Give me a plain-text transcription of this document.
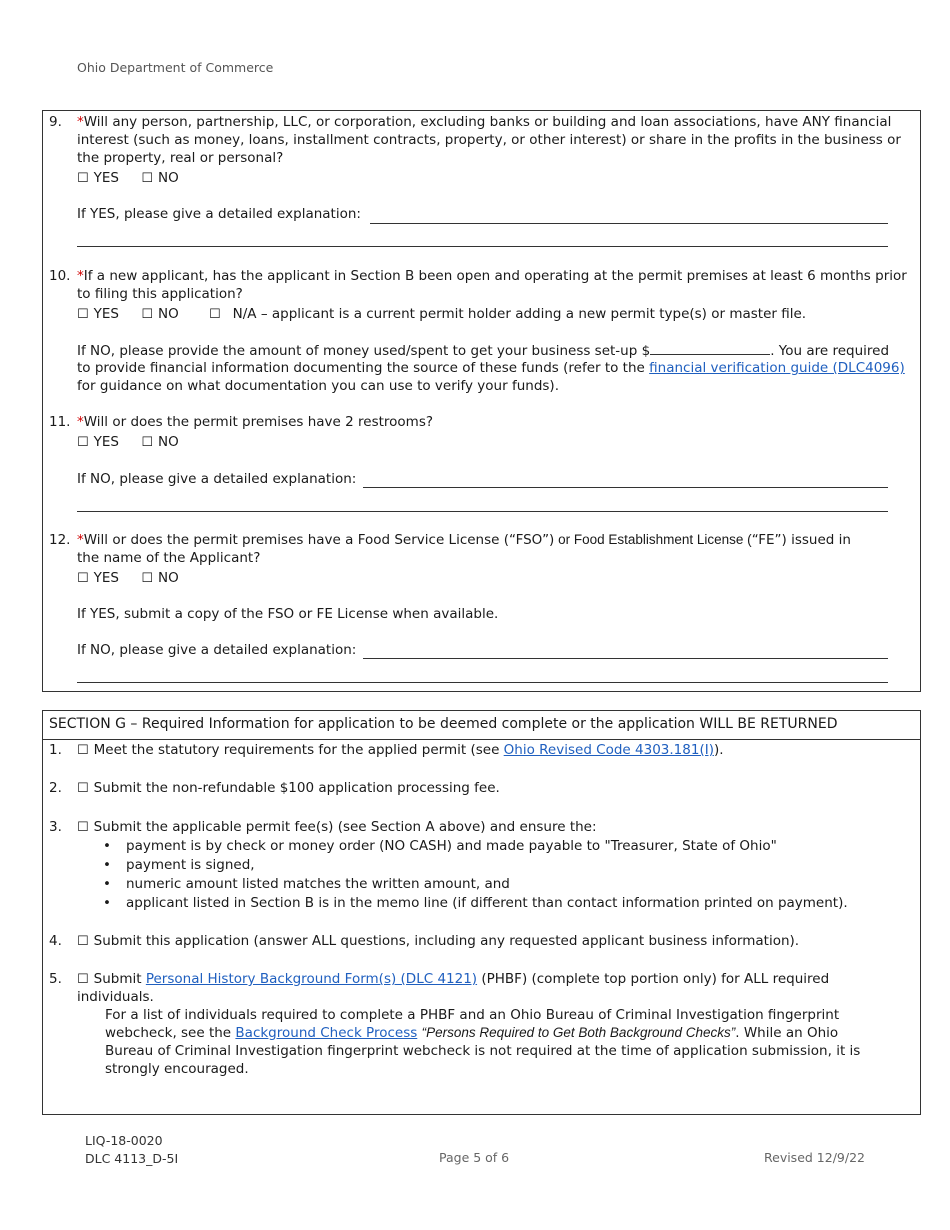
Ohio Department of Commerce
9. *Will any person, partnership, LLC, or corporation, excluding banks or building and loan associations, have ANY financial
interest (such as money, loans, installment contracts, property, or other interest) or share in the profits in the business or
the property, real or personal?
☐ YES ☐ NO
If YES, please give a detailed explanation:
10. *If a new applicant, has the applicant in Section B been open and operating at the permit premises at least 6 months prior
to filing this application?
☐ YES ☐ NO ☐ N/A – applicant is a current permit holder adding a new permit type(s) or master file.
If NO, please provide the amount of money used/spent to get your business set-up $	. You are required
to provide financial information documenting the source of these funds (refer to the financial verification guide (DLC4096)
for guidance on what documentation you can use to verify your funds).
11. *Will or does the permit premises have 2 restrooms?
☐ YES ☐ NO
If NO, please give a detailed explanation:
12. *Will or does the permit premises have a Food Service License (“FSO”) or Food Establishment License (“FE”) issued in
the name of the Applicant?
☐ YES ☐ NO
If YES, submit a copy of the FSO or FE License when available.
If NO, please give a detailed explanation:
SECTION G – Required Information for application to be deemed complete or the application WILL BE RETURNED
1. ☐ Meet the statutory requirements for the applied permit (see Ohio Revised Code 4303.181(I)).
2. ☐ Submit the non-refundable $100 application processing fee.
3. ☐ Submit the applicable permit fee(s) (see Section A above) and ensure the:
• payment is by check or money order (NO CASH) and made payable to "Treasurer, State of Ohio"
• payment is signed,
• numeric amount listed matches the written amount, and
• applicant listed in Section B is in the memo line (if different than contact information printed on payment).
4. ☐ Submit this application (answer ALL questions, including any requested applicant business information).
5. ☐ Submit Personal History Background Form(s) (DLC 4121) (PHBF) (complete top portion only) for ALL required
individuals.
For a list of individuals required to complete a PHBF and an Ohio Bureau of Criminal Investigation fingerprint
webcheck, see the Background Check Process “Persons Required to Get Both Background Checks”. While an Ohio
Bureau of Criminal Investigation fingerprint webcheck is not required at the time of application submission, it is
strongly encouraged.
LIQ-18-0020
DLC 4113_D-5I	Page 5 of 6	Revised 12/9/22
